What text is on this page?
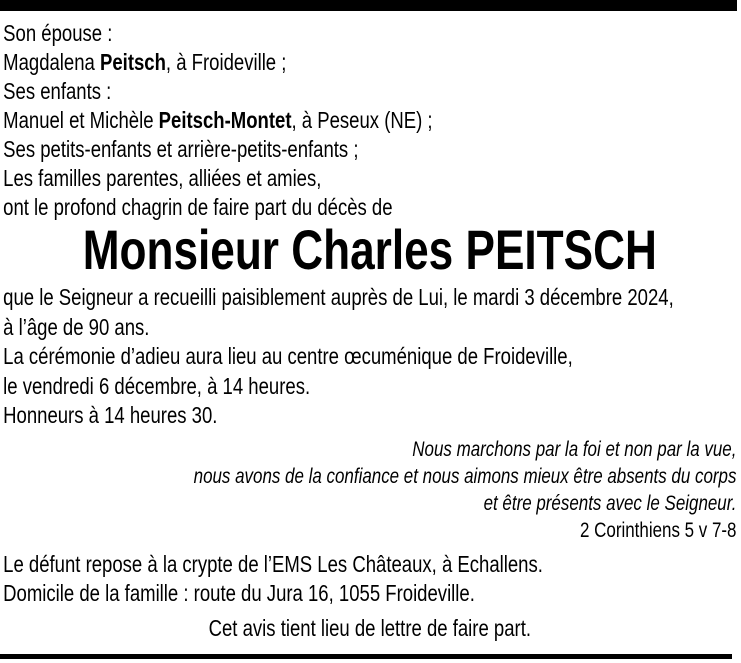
Son épouse :
Magdalena Peitsch, à Froideville ;
Ses enfants :
Manuel et Michèle Peitsch-Montet, à Peseux (NE) ;
Ses petits-enfants et arrière-petits-enfants ;
Les familles parentes, alliées et amies,
ont le profond chagrin de faire part du décès de
Monsieur Charles PEITSCH
que le Seigneur a recueilli paisiblement auprès de Lui, le mardi 3 décembre 2024,
à l’âge de 90 ans.
La cérémonie d’adieu aura lieu au centre œcuménique de Froideville,
le vendredi 6 décembre, à 14 heures.
Honneurs à 14 heures 30.
Nous marchons par la foi et non par la vue,
nous avons de la confiance et nous aimons mieux être absents du corps
et être présents avec le Seigneur.
2 Corinthiens 5 v 7-8
Le défunt repose à la crypte de l’EMS Les Châteaux, à Echallens.
Domicile de la famille : route du Jura 16, 1055 Froideville.
Cet avis tient lieu de lettre de faire part.
